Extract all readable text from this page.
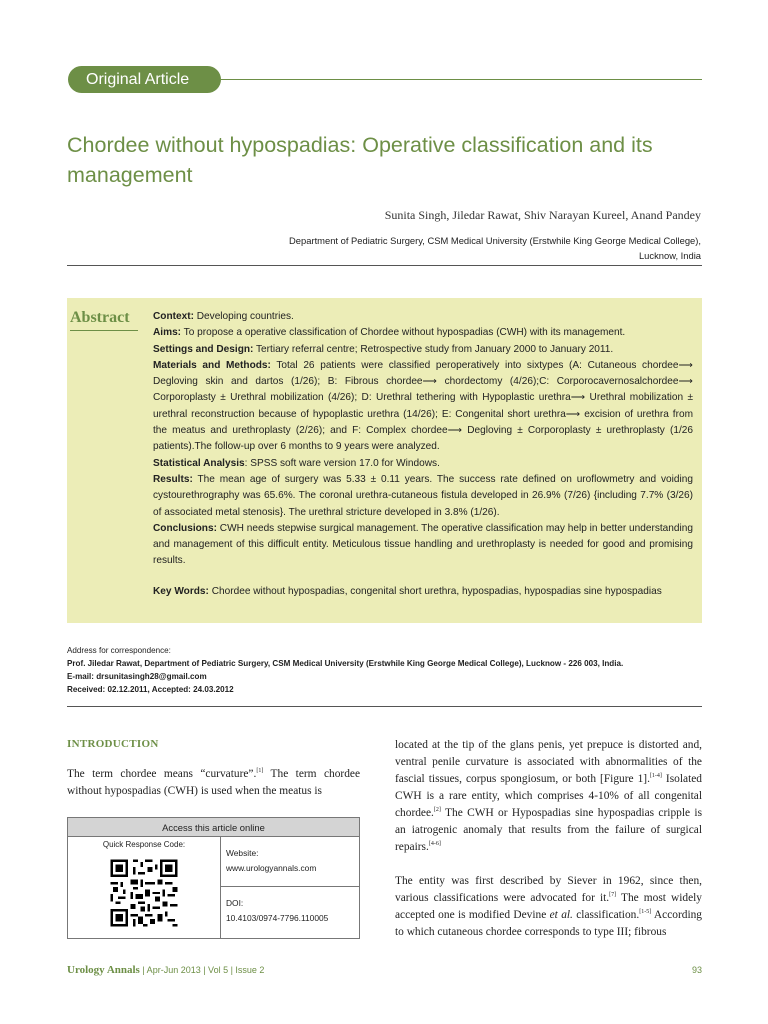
Original Article
Chordee without hypospadias: Operative classification and its management
Sunita Singh, Jiledar Rawat, Shiv Narayan Kureel, Anand Pandey
Department of Pediatric Surgery, CSM Medical University (Erstwhile King George Medical College),
Lucknow, India
Abstract Context: Developing countries.

Aims: To propose a operative classification of Chordee without hypospadias (CWH) with its management.

Settings and Design: Tertiary referral centre; Retrospective study from January 2000 to January 2011.

Materials and Methods: Total 26 patients were classified peroperatively into sixtypes (A: Cutaneous chordee⟶ Degloving skin and dartos (1/26); B: Fibrous chordee⟶ chordectomy (4/26);C: Corporocavernosalchordee⟶ Corporoplasty ± Urethral mobilization (4/26); D: Urethral tethering with Hypoplastic urethra⟶ Urethral mobilization ± urethral reconstruction because of hypoplastic urethra (14/26); E: Congenital short urethra⟶ excision of urethra from the meatus and urethroplasty (2/26); and F: Complex chordee⟶ Degloving ± Corporoplasty ± urethroplasty (1/26 patients).The follow-up over 6 months to 9 years were analyzed.

Statistical Analysis: SPSS soft ware version 17.0 for Windows.

Results: The mean age of surgery was 5.33 ± 0.11 years. The success rate defined on uroflowmetry and voiding cystourethrography was 65.6%. The coronal urethra-cutaneous fistula developed in 26.9% (7/26) {including 7.7% (3/26) of associated metal stenosis}. The urethral stricture developed in 3.8% (1/26).

Conclusions: CWH needs stepwise surgical management. The operative classification may help in better understanding and management of this difficult entity. Meticulous tissue handling and urethroplasty is needed for good and promising results.

Key Words: Chordee without hypospadias, congenital short urethra, hypospadias, hypospadias sine hypospadias

Address for correspondence:
Prof. Jiledar Rawat, Department of Pediatric Surgery, CSM Medical University (Erstwhile King George Medical College), Lucknow - 226 003, India.
E-mail: drsunitasingh28@gmail.com
Received: 02.12.2011, Accepted: 24.03.2012
INTRODUCTION
The term chordee means “curvature”.[1] The term chordee without hypospadias (CWH) is used when the meatus is
Access this article online
Quick Response Code:
Website:
www.urologyannals.com
DOI:
10.4103/0974-7796.110005
located at the tip of the glans penis, yet prepuce is distorted and, ventral penile curvature is associated with abnormalities of the fascial tissues, corpus spongiosum, or both [Figure 1].[1-4] Isolated CWH is a rare entity, which comprises 4-10% of all congenital chordee.[2] The CWH or Hypospadias sine hypospadias cripple is an iatrogenic anomaly that results from the failure of surgical repairs.[4-6]
The entity was first described by Siever in 1962, since then, various classifications were advocated for it.[7] The most widely accepted one is modified Devine et al. classification.[1-5] According to which cutaneous chordee corresponds to type III; fibrous
Urology Annals | Apr-Jun 2013 | Vol 5 | Issue 2	93
